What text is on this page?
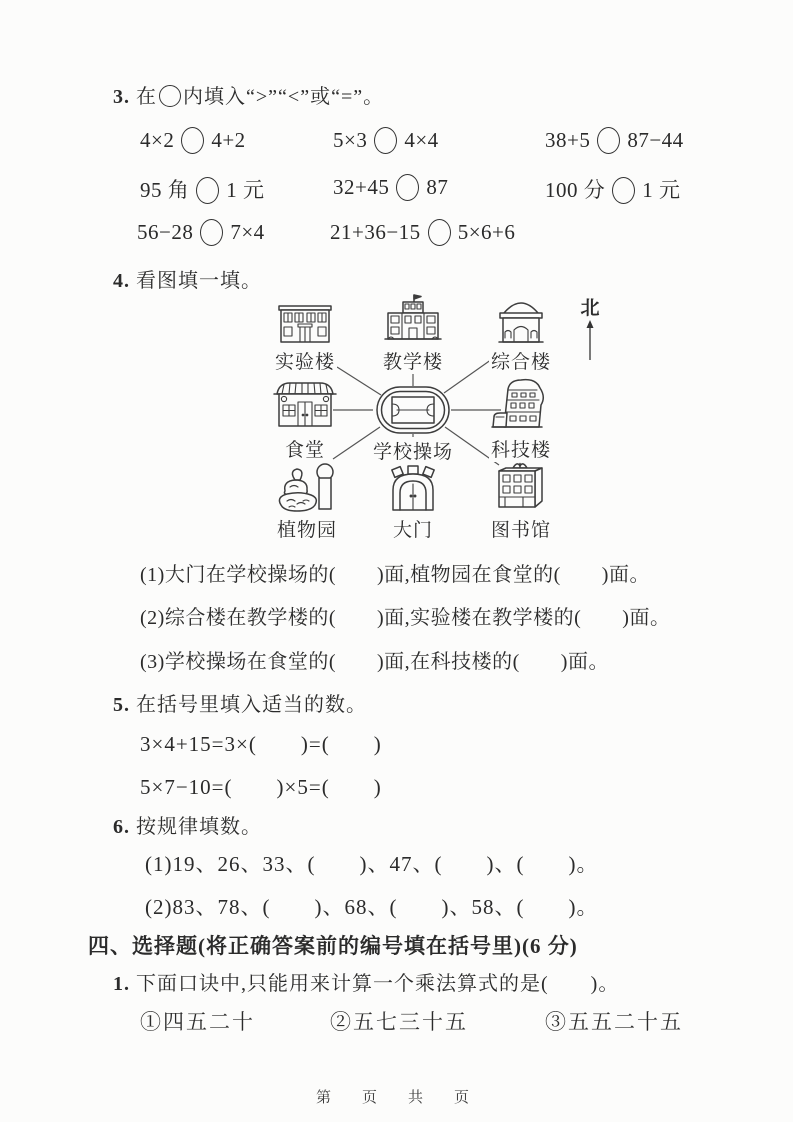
3. 在 内填入“>”“<”或“=”。
4×2 4+2	5×3 4×4	38+5 87−44
95 角 1 元	32+45 87	100 分 1 元
56−28 7×4	21+36−15 5×6+6
4. 看图填一填。
北
实验楼	教学楼	综合楼
食堂	学校操场 科技楼
植物园	大门	图书馆
(1)大门在学校操场的(　　)面,植物园在食堂的(　　)面。
(2)综合楼在教学楼的(　　)面,实验楼在教学楼的(　　)面。
(3)学校操场在食堂的(　　)面,在科技楼的(　　)面。
5. 在括号里填入适当的数。
3×4+15=3×(　　)=(　　)
5×7−10=(　　)×5=(　　)
6. 按规律填数。
(1)19、26、33、(　　)、47、(　　)、(　　)。
(2)83、78、(　　)、68、(　　)、58、(　　)。
四、选择题(将正确答案前的编号填在括号里)(6 分)
1. 下面口诀中,只能用来计算一个乘法算式的是(　　)。
①四五二十	②五七三十五	③五五二十五
第　页　共　页
